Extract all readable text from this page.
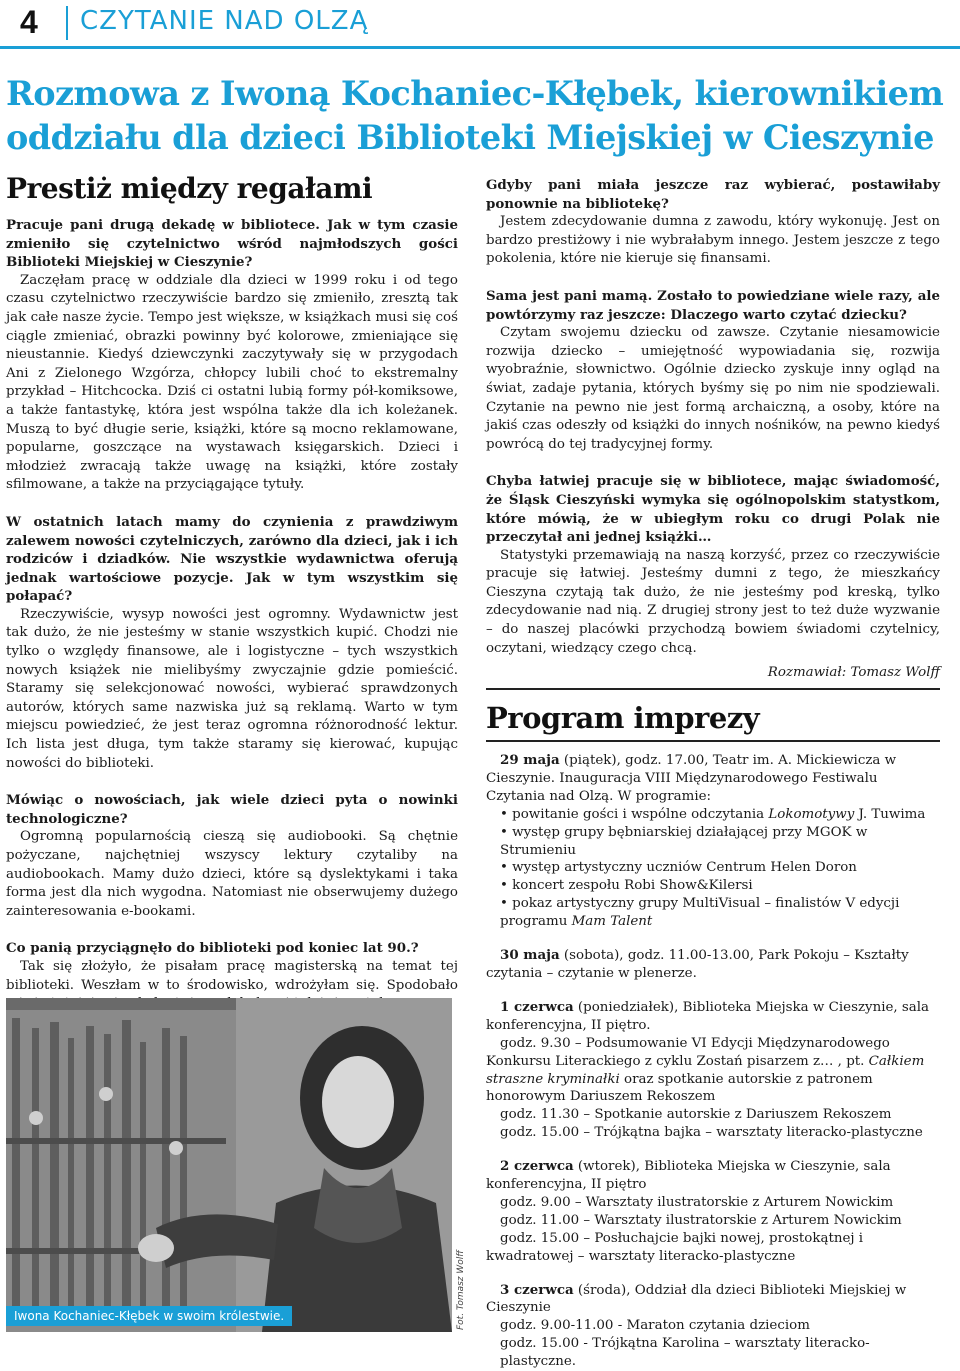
4 CZYTANIE NAD OLZĄ
Rozmowa z Iwoną Kochaniec-Kłębek, kierownikiem oddziału dla dzieci Biblioteki Miejskiej w Cieszynie
Prestiż między regałami

Pracuje pani drugą dekadę w bibliotece. Jak w tym czasie zmieniło się czytelnictwo wśród najmłodszych gości Biblioteki Miejskiej w Cieszynie?

Zaczęłam pracę w oddziale dla dzieci w 1999 roku i od tego czasu czytelnictwo rzeczywiście bardzo się zmieniło, zresztą tak jak całe nasze życie. Tempo jest większe, w książkach musi się coś ciągle zmieniać, obrazki powinny być kolorowe, zmieniające się nieustannie. Kiedyś dziewczynki zaczytywały się w przygodach Ani z Zielonego Wzgórza, chłopcy lubili choć to ekstremalny przykład – Hitchcocka. Dziś ci ostatni lubią formy pół-komiksowe, a także fantastykę, która jest wspólna także dla ich koleżanek. Muszą to być długie serie, książki, które są mocno reklamowane, popularne, goszczące na wystawach księgarskich. Dzieci i młodzież zwracają także uwagę na książki, które zostały sfilmowane, a także na przyciągające tytuły.

W ostatnich latach mamy do czynienia z prawdziwym zalewem nowości czytelniczych, zarówno dla dzieci, jak i ich rodziców i dziadków. Nie wszystkie wydawnictwa oferują jednak wartościowe pozycje. Jak w tym wszystkim się połapać?

Rzeczywiście, wysyp nowości jest ogromny. Wydawnictw jest tak dużo, że nie jesteśmy w stanie wszystkich kupić. Chodzi nie tylko o względy finansowe, ale i logistyczne – tych wszystkich nowych książek nie mielibyśmy zwyczajnie gdzie pomieścić. Staramy się selekcjonować nowości, wybierać sprawdzonych autorów, których same nazwiska już są reklamą. Warto w tym miejscu powiedzieć, że jest teraz ogromna różnorodność lektur. Ich lista jest długa, tym także staramy się kierować, kupując nowości do biblioteki.

Mówiąc o nowościach, jak wiele dzieci pyta o nowinki technologiczne?

Ogromną popularnością cieszą się audiobooki. Są chętnie pożyczane, najchętniej wszyscy lektury czytaliby na audiobookach. Mamy dużo dzieci, które są dyslektykami i taka forma jest dla nich wygodna. Natomiast nie obserwujemy dużego zainteresowania e-bookami.

Co panią przyciągnęło do biblioteki pod koniec lat 90.?

Tak się złożyło, że pisałam pracę magisterską na temat tej biblioteki. Weszłam w to środowisko, wdrożyłam się. Spodobało

Gdyby pani miała jeszcze raz wybierać, postawiłaby ponownie na bibliotekę?

Jestem zdecydowanie dumna z zawodu, który wykonuję. Jest on bardzo prestiżowy i nie wybrałabym innego. Jestem jeszcze z tego pokolenia, które nie kieruje się finansami.

Sama jest pani mamą. Zostało to powiedziane wiele razy, ale powtórzymy raz jeszcze: Dlaczego warto czytać dziecku?

Czytam swojemu dziecku od zawsze. Czytanie niesamowicie rozwija dziecko – umiejętność wypowiadania się, rozwija wyobraźnie, słownictwo. Ogólnie dziecko zyskuje inny ogląd na świat, zadaje pytania, których byśmy się po nim nie spodziewali. Czytanie na pewno nie jest formą archaiczną, a osoby, które na jakiś czas odeszły od książki do innych nośników, na pewno kiedyś powrócą do tej tradycyjnej formy.

Chyba łatwiej pracuje się w bibliotece, mając świadomość, że Śląsk Cieszyński wymyka się ogólnopolskim statystkom, które mówią, że w ubiegłym roku co drugi Polak nie przeczytał ani jednej książki…

Statystyki przemawiają na naszą korzyść, przez co rzeczywiście pracuje się łatwiej. Jesteśmy dumni z tego, że mieszkańcy Cieszyna czytają tak dużo, że nie jesteśmy pod kreską, tylko zdecydowanie nad nią. Z drugiej strony jest to też duże wyzwanie – do naszej placówki przychodzą bowiem świadomi czytelnicy, oczytani, wiedzący czego chcą.

Rozmawiał: Tomasz Wolff

Program imprezy

29 maja (piątek), godz. 17.00, Teatr im. A. Mickiewicza w Cieszynie. Inauguracja VIII Międzynarodowego Festiwalu Czytania nad Olzą. W programie:

• powitanie gości i wspólne odczytania Lokomotywy J. Tuwima
• występ grupy bębniarskiej działającej przy MGOK w Strumieniu
• występ artystyczny uczniów Centrum Helen Doron
• koncert zespołu Robi Show&Kilersi
• pokaz artystyczny grupy MultiVisual – finalistów V edycji programu Mam Talent

30 maja (sobota), godz. 11.00-13.00, Park Pokoju – Kształty czytania – czytanie w plenerze.

1 czerwca (poniedziałek), Biblioteka Miejska w Cieszynie, sala konferencyjna, II piętro.

godz. 9.30 – Podsumowanie VI Edycji Międzynarodowego Konkursu Literackiego z cyklu Zostań pisarzem z… , pt. Całkiem straszne kryminałki oraz spotkanie autorskie z patronem honorowym Dariuszem Rekoszem

godz. 11.30 – Spotkanie autorskie z Dariuszem Rekoszem

godz. 15.00 – Trójkątna bajka – warsztaty literacko-plastyczne

2 czerwca (wtorek), Biblioteka Miejska w Cieszynie, sala konferencyjna, II piętro

godz. 9.00 – Warsztaty ilustratorskie z Arturem Nowickim

godz. 11.00 – Warsztaty ilustratorskie z Arturem Nowickim

godz. 15.00 – Posłuchajcie bajki nowej, prostokątnej i kwadratowej – warsztaty literacko-plastyczne

3 czerwca (środa), Oddział dla dzieci Biblioteki Miejskiej w Cieszynie

godz. 9.00-11.00 - Maraton czytania dzieciom

godz. 15.00 - Trójkątna Karolina – warsztaty literacko-plastyczne.

Iwona Kochaniec-Kłębek w swoim królestwie.	Fot. Tomasz Wolff
